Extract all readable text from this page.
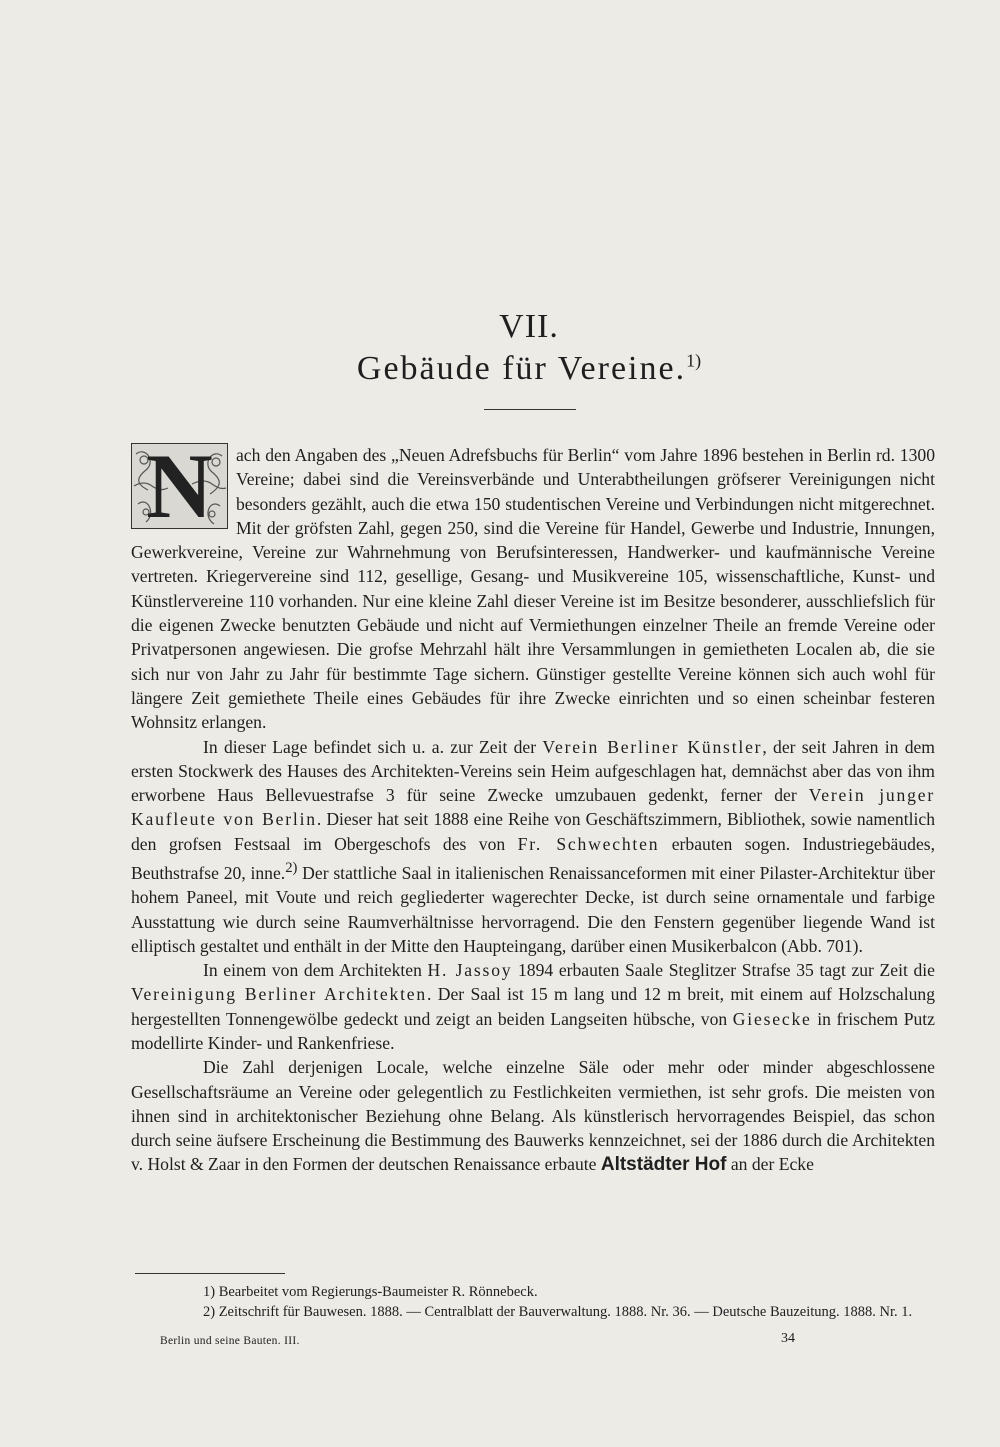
VII.
Gebäude für Vereine.$^{1)}$

N	ach den Angaben des „Neuen Adrefsbuchs für Berlin“ vom Jahre 1896 bestehen in Berlin rd. 1300 Vereine; dabei sind die Vereinsverbände und Unterabtheilungen gröfserer Vereinigungen nicht besonders gezählt, auch die etwa 150 studentischen Vereine und Verbindungen nicht mitgerechnet. Mit der gröfsten Zahl, gegen 250, sind die Vereine für Handel, Gewerbe und Industrie, Innungen, Gewerkvereine, Vereine zur Wahrnehmung von Berufsinteressen, Handwerker- und kaufmännische Vereine vertreten. Kriegervereine sind 112, gesellige, Gesang- und Musikvereine 105, wissenschaftliche, Kunst- und Künstlervereine 110 vorhanden. Nur eine kleine Zahl dieser Vereine ist im Besitze besonderer, ausschliefslich für die eigenen Zwecke benutzten Gebäude und nicht auf Vermiethungen einzelner Theile an fremde Vereine oder Privatpersonen angewiesen. Die grofse Mehrzahl hält ihre Versammlungen in gemietheten Localen ab, die sie sich nur von Jahr zu Jahr für bestimmte Tage sichern. Günstiger gestellte Vereine können sich auch wohl für längere Zeit gemiethete Theile eines Gebäudes für ihre Zwecke einrichten und so einen scheinbar festeren Wohnsitz erlangen.

In dieser Lage befindet sich u. a. zur Zeit der Verein Berliner Künstler, der seit Jahren in dem ersten Stockwerk des Hauses des Architekten-Vereins sein Heim aufgeschlagen hat, demnächst aber das von ihm erworbene Haus Bellevuestrafse 3 für seine Zwecke umzubauen gedenkt, ferner der Verein junger Kaufleute von Berlin. Dieser hat seit 1888 eine Reihe von Geschäftszimmern, Bibliothek, sowie namentlich den grofsen Festsaal im Obergeschofs des von Fr. Schwechten erbauten sogen. Industriegebäudes, Beuthstrafse 20, inne.$^{2)}$ Der stattliche Saal in italienischen Renaissanceformen mit einer Pilaster-Architektur über hohem Paneel, mit Voute und reich gegliederter wagerechter Decke, ist durch seine ornamentale und farbige Ausstattung wie durch seine Raumverhältnisse hervorragend. Die den Fenstern gegenüber liegende Wand ist elliptisch gestaltet und enthält in der Mitte den Haupteingang, darüber einen Musikerbalcon (Abb. 701).

In einem von dem Architekten H. Jassoy 1894 erbauten Saale Steglitzer Strafse 35 tagt zur Zeit die Vereinigung Berliner Architekten. Der Saal ist 15 m lang und 12 m breit, mit einem auf Holzschalung hergestellten Tonnengewölbe gedeckt und zeigt an beiden Langseiten hübsche, von Giesecke in frischem Putz modellirte Kinder- und Rankenfriese.

Die Zahl derjenigen Locale, welche einzelne Säle oder mehr oder minder abgeschlossene Gesellschaftsräume an Vereine oder gelegentlich zu Festlichkeiten vermiethen, ist sehr grofs. Die meisten von ihnen sind in architektonischer Beziehung ohne Belang. Als künstlerisch hervorragendes Beispiel, das schon durch seine äufsere Erscheinung die Bestimmung des Bauwerks kennzeichnet, sei der 1886 durch die Architekten v. Holst & Zaar in den Formen der deutschen Renaissance erbaute Altstädter Hof an der Ecke

1) Bearbeitet vom Regierungs-Baumeister R. Rönnebeck.

2) Zeitschrift für Bauwesen. 1888. — Centralblatt der Bauverwaltung. 1888. Nr. 36. — Deutsche Bauzeitung. 1888. Nr. 1.

Berlin und seine Bauten. III.	34
